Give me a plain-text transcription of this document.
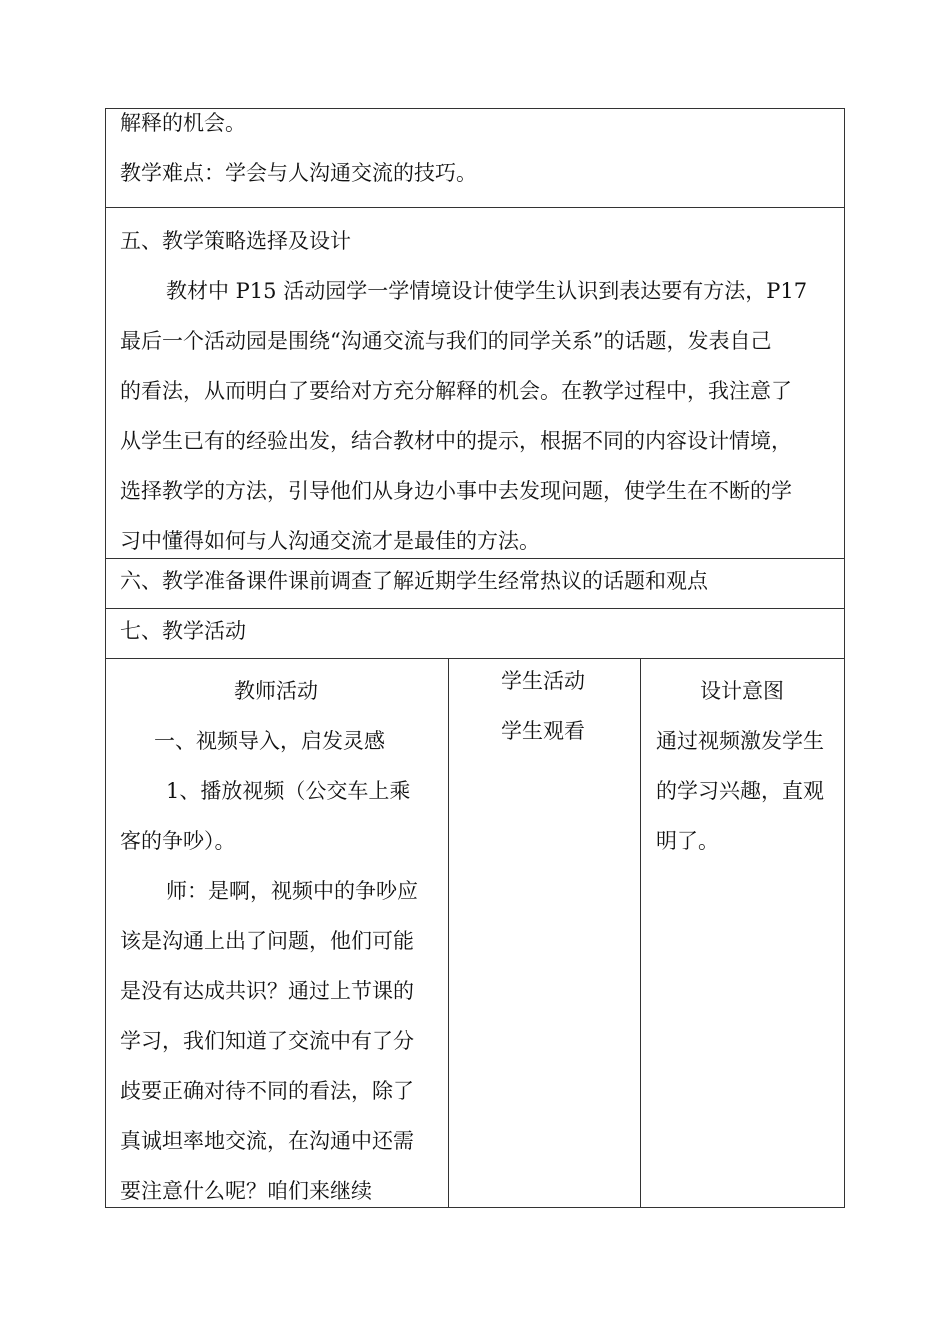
解释的机会。
教学难点：学会与人沟通交流的技巧。
五、教学策略选择及设计
教材中 P15 活动园学一学情境设计使学生认识到表达要有方法，P17
最后一个活动园是围绕“沟通交流与我们的同学关系”的话题，发表自己
的看法，从而明白了要给对方充分解释的机会。在教学过程中，我注意了
从学生已有的经验出发，结合教材中的提示，根据不同的内容设计情境，
选择教学的方法，引导他们从身边小事中去发现问题，使学生在不断的学
习中懂得如何与人沟通交流才是最佳的方法。
六、教学准备课件课前调查了解近期学生经常热议的话题和观点
七、教学活动
教师活动
一、视频导入，启发灵感
1、播放视频（公交车上乘
客的争吵）。
师：是啊，视频中的争吵应
该是沟通上出了问题，他们可能
是没有达成共识？通过上节课的
学习，我们知道了交流中有了分
歧要正确对待不同的看法，除了
真诚坦率地交流，在沟通中还需
要注意什么呢？咱们来继续
学生活动
学生观看
设计意图
通过视频激发学生
的学习兴趣，直观
明了。
